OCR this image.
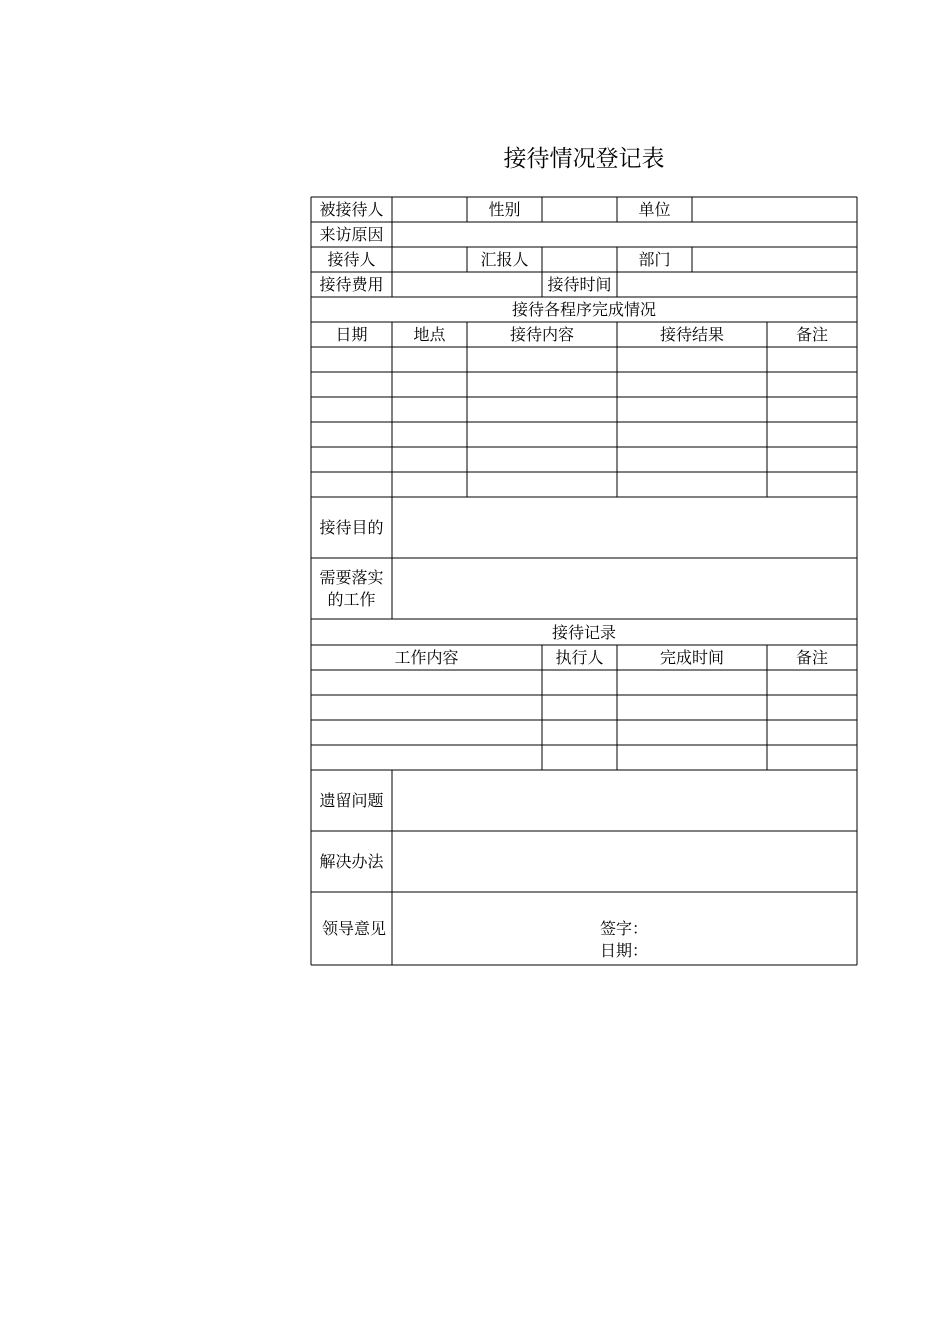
接待情况登记表
被接待人	性别	单位
来访原因
接待人	汇报人	部门
接待费用	接待时间
接待各程序完成情况
日期	地点	接待内容	接待结果	备注
接待目的
需要落实
的工作
接待记录
工作内容	执行人	完成时间	备注
遗留问题
解决办法
领导意见	签字：
日期：
